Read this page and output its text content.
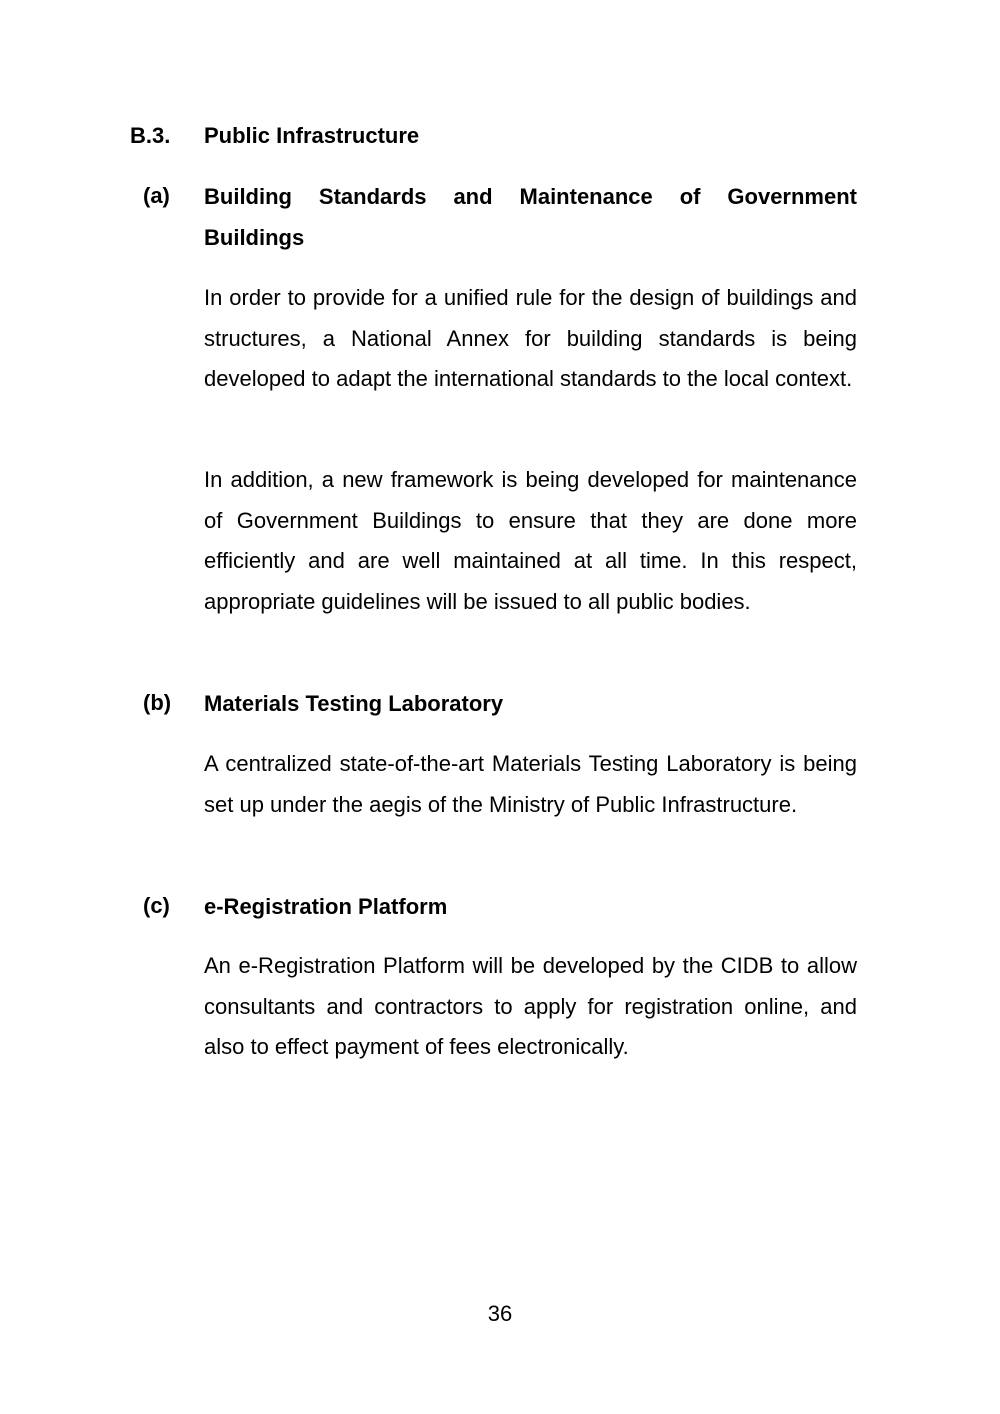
B.3. Public Infrastructure
(a) Building Standards and Maintenance of Government Buildings

In order to provide for a unified rule for the design of buildings and structures, a National Annex for building standards is being developed to adapt the international standards to the local context.

In addition, a new framework is being developed for maintenance of Government Buildings to ensure that they are done more efficiently and are well maintained at all time. In this respect, appropriate guidelines will be issued to all public bodies.

(b) Materials Testing Laboratory

A centralized state-of-the-art Materials Testing Laboratory is being set up under the aegis of the Ministry of Public Infrastructure.

(c) e-Registration Platform

An e-Registration Platform will be developed by the CIDB to allow consultants and contractors to apply for registration online, and also to effect payment of fees electronically.

36
